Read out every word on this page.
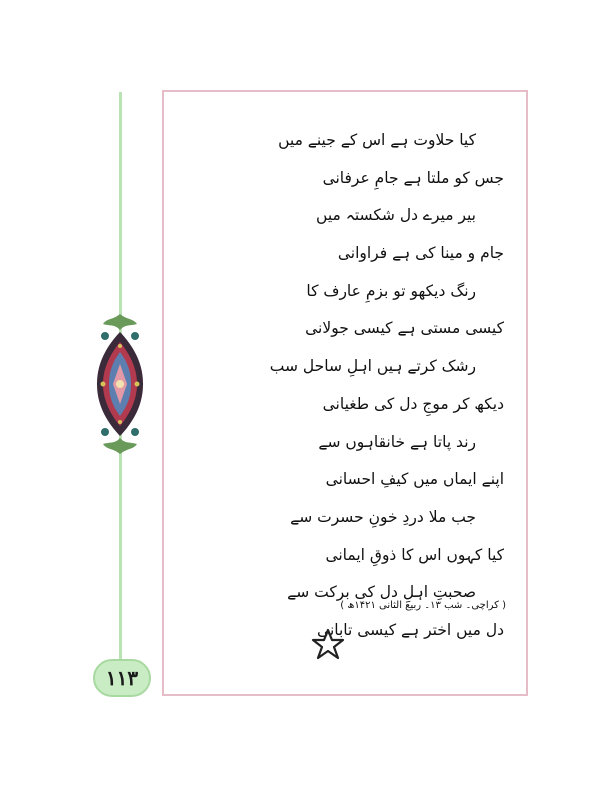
۱۱۳
کیا حلاوت ہے اس کے جینے میں
جس کو ملتا ہے جامِ عرفانی
بیر میرے دل شکستہ میں
جام و مینا کی ہے فراوانی
رنگ دیکھو تو بزمِ عارف کا
کیسی مستی ہے کیسی جولانی
رشک کرتے ہیں اہلِ ساحل سب
دیکھ کر موجِ دل کی طغیانی
رند پاتا ہے خانقاہوں سے
اپنے ایماں میں کیفِ احسانی
جب ملا دردِ خونِ حسرت سے
کیا کہوں اس کا ذوقِ ایمانی
صحبتِ اہلِ دل کی برکت سے
دل میں اختر ہے کیسی تابانی
( کراچی۔ شب ۱۳۔ ربیع الثانی ۱۴۲۱ھ )
